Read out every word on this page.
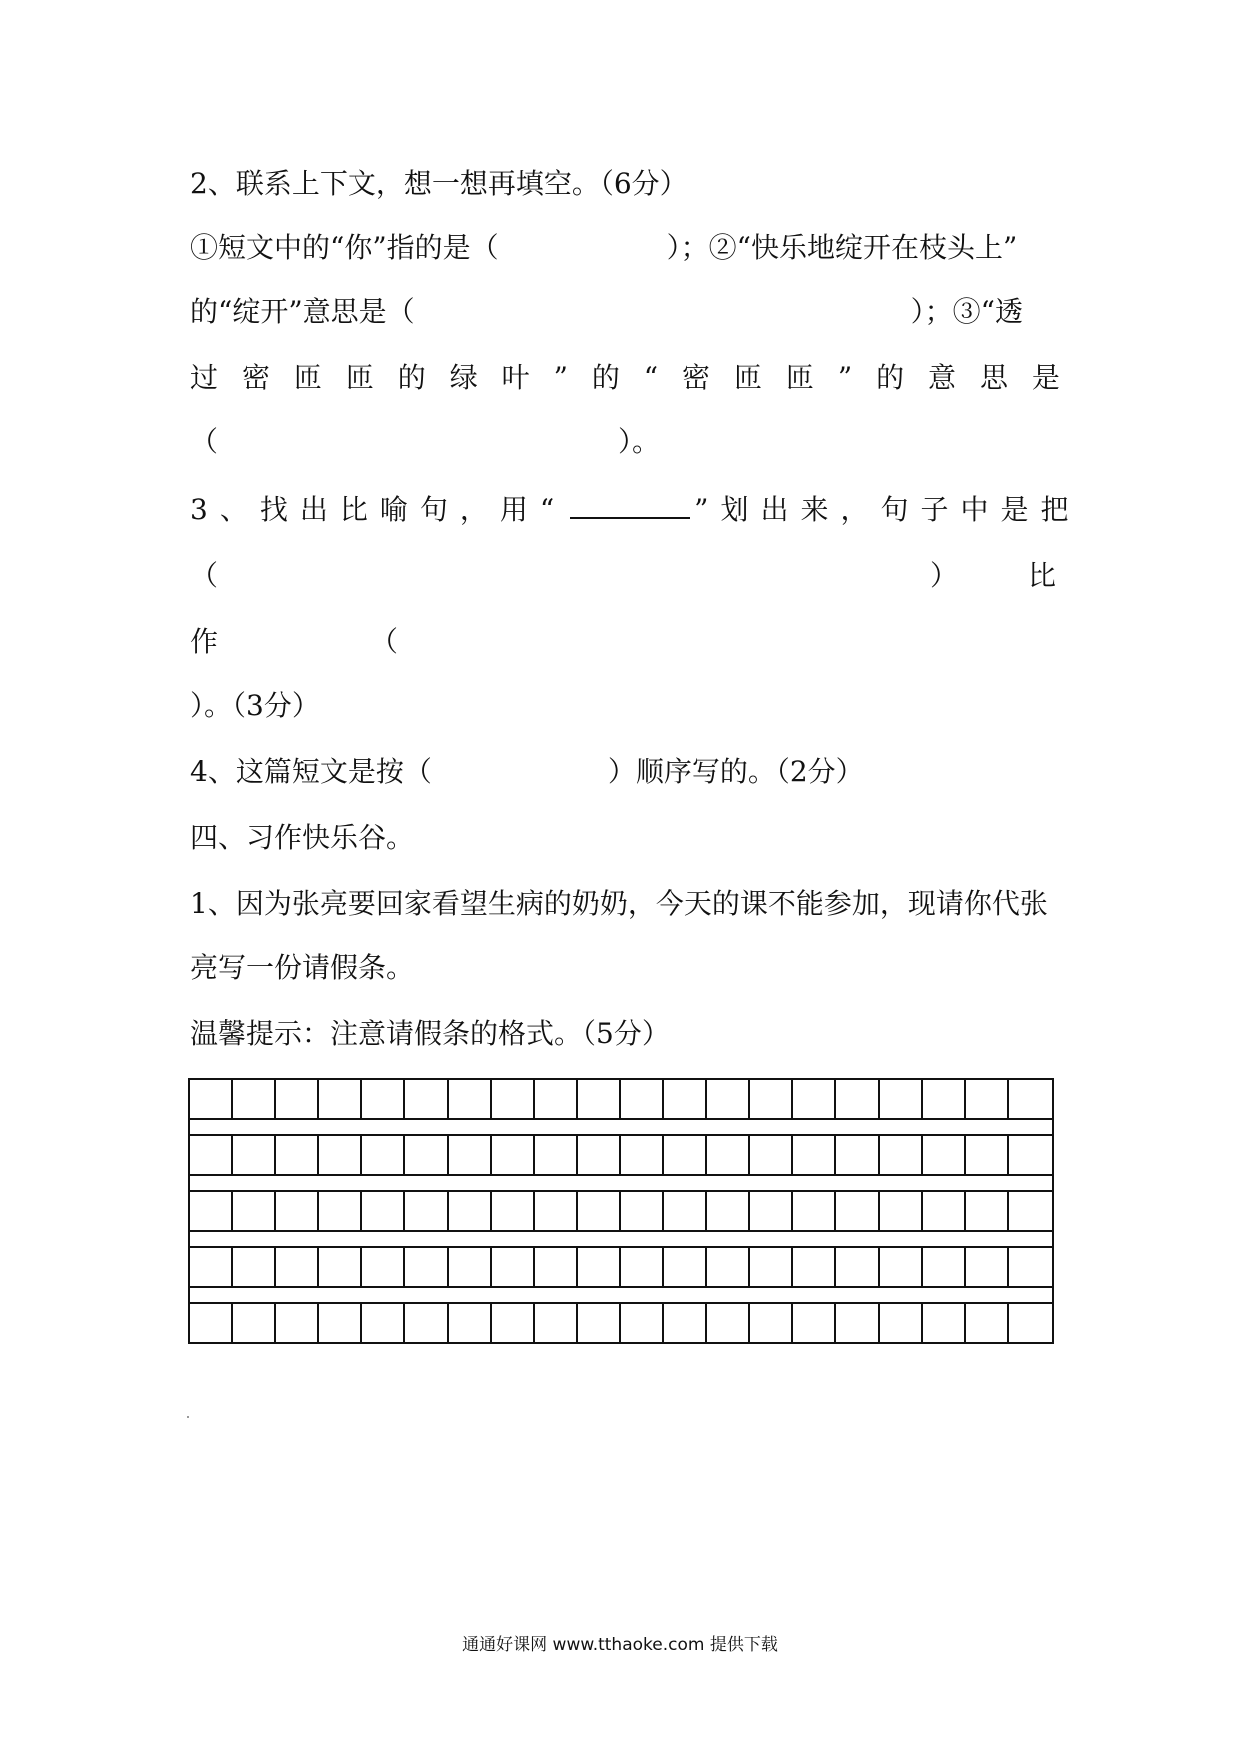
2、联系上下文，想一想再填空。（6分）
①短文中的“你”指的是（	）；②“快乐地绽开在枝头上”
的“绽开”意思是（	）；③“透
过 密 匝 匝 的 绿 叶 ” 的 “ 密 匝 匝 ” 的 意 思 是
（	）。
3、找出比喻句，用“	”划出来，句子中是把
（	） 比
作	（
）。（3分）
4、这篇短文是按（	）顺序写的。（2分）
四、习作快乐谷。
1、因为张亮要回家看望生病的奶奶，今天的课不能参加，现请你代张
亮写一份请假条。
温馨提示：注意请假条的格式。（5分）
通通好课网 www.tthaoke.com 提供下载
